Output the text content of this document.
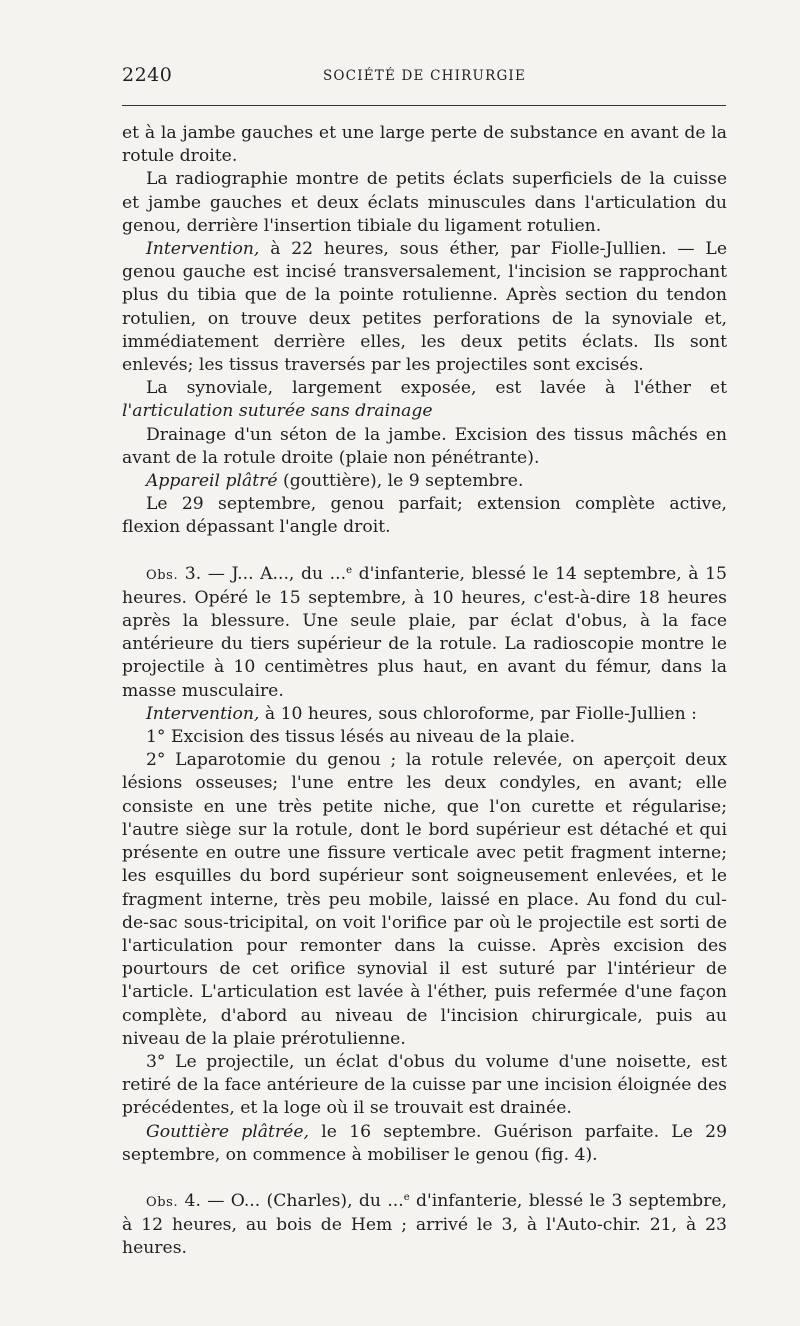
2240	SOCIÉTÉ DE CHIRURGIE

et à la jambe gauches et une large perte de substance en avant de la rotule droite.

La radiographie montre de petits éclats superficiels de la cuisse et jambe gauches et deux éclats minuscules dans l'articulation du genou, derrière l'insertion tibiale du ligament rotulien.

Intervention, à 22 heures, sous éther, par Fiolle-Jullien. — Le genou gauche est incisé transversalement, l'incision se rapprochant plus du tibia que de la pointe rotulienne. Après section du tendon rotulien, on trouve deux petites perforations de la synoviale et, immédiatement derrière elles, les deux petits éclats. Ils sont enlevés; les tissus traversés par les projectiles sont excisés.

La synoviale, largement exposée, est lavée à l'éther et l'articulation suturée sans drainage

Drainage d'un séton de la jambe. Excision des tissus mâchés en avant de la rotule droite (plaie non pénétrante).

Appareil plâtré (gouttière), le 9 septembre.

Le 29 septembre, genou parfait; extension complète active, flexion dépassant l'angle droit.

Obs. 3. — J... A..., du ...$^e$ d'infanterie, blessé le 14 septembre, à 15 heures. Opéré le 15 septembre, à 10 heures, c'est-à-dire 18 heures après la blessure. Une seule plaie, par éclat d'obus, à la face antérieure du tiers supérieur de la rotule. La radioscopie montre le projectile à 10 centimètres plus haut, en avant du fémur, dans la masse musculaire.

Intervention, à 10 heures, sous chloroforme, par Fiolle-Jullien :

1° Excision des tissus lésés au niveau de la plaie.

2° Laparotomie du genou ; la rotule relevée, on aperçoit deux lésions osseuses; l'une entre les deux condyles, en avant; elle consiste en une très petite niche, que l'on curette et régularise; l'autre siège sur la rotule, dont le bord supérieur est détaché et qui présente en outre une fissure verticale avec petit fragment interne; les esquilles du bord supérieur sont soigneusement enlevées, et le fragment interne, très peu mobile, laissé en place. Au fond du cul-de-sac sous-tricipital, on voit l'orifice par où le projectile est sorti de l'articulation pour remonter dans la cuisse. Après excision des pourtours de cet orifice synovial il est suturé par l'intérieur de l'article. L'articulation est lavée à l'éther, puis refermée d'une façon complète, d'abord au niveau de l'incision chirurgicale, puis au niveau de la plaie prérotulienne.

3° Le projectile, un éclat d'obus du volume d'une noisette, est retiré de la face antérieure de la cuisse par une incision éloignée des précédentes, et la loge où il se trouvait est drainée.

Gouttière plâtrée, le 16 septembre. Guérison parfaite. Le 29 septembre, on commence à mobiliser le genou (fig. 4).

Obs. 4. — O... (Charles), du ...$^e$ d'infanterie, blessé le 3 septembre, à 12 heures, au bois de Hem ; arrivé le 3, à l'Auto-chir. 21, à 23 heures.
